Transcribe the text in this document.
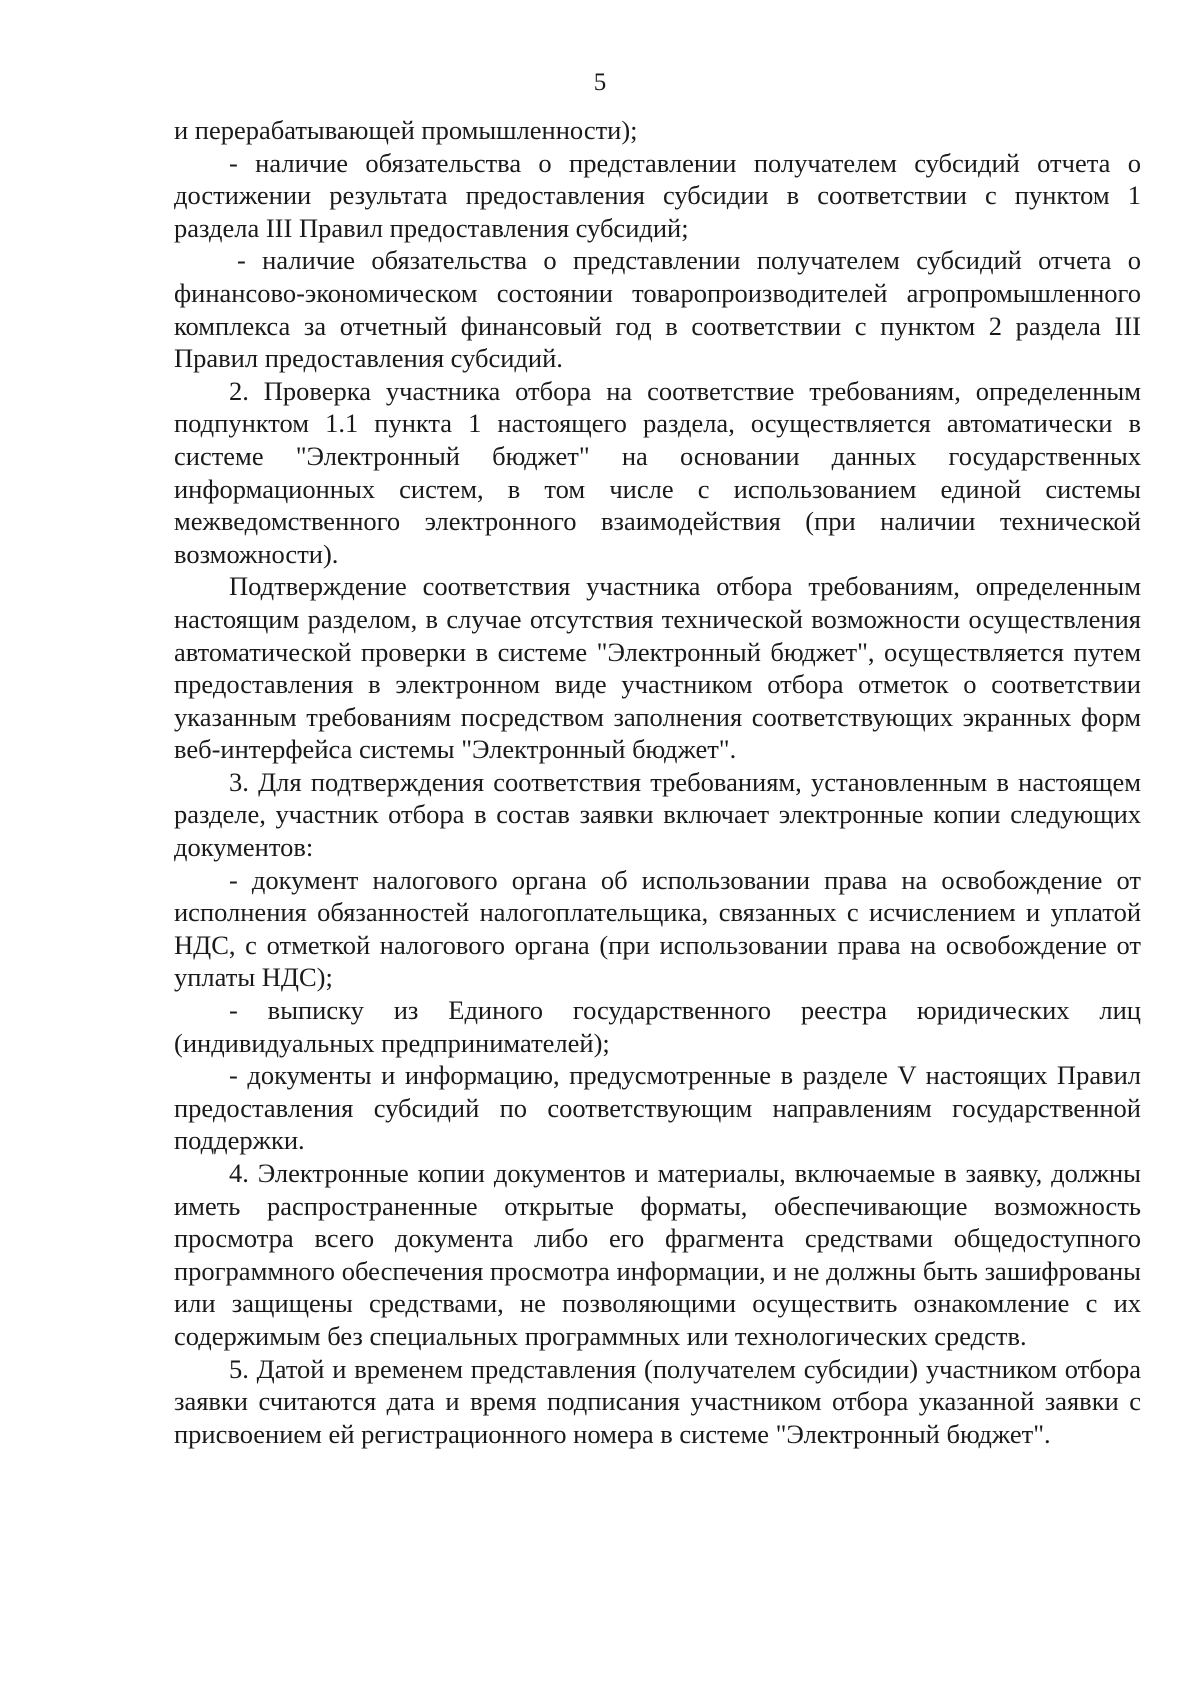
5

и перерабатывающей промышленности);

- наличие обязательства о представлении получателем субсидий отчета о достижении результата предоставления субсидии в соответствии с пунктом 1 раздела III Правил предоставления субсидий;

- наличие обязательства о представлении получателем субсидий отчета о финансово-экономическом состоянии товаропроизводителей агропромышленного комплекса за отчетный финансовый год в соответствии с пунктом 2 раздела III Правил предоставления субсидий.

2. Проверка участника отбора на соответствие требованиям, определенным подпунктом 1.1 пункта 1 настоящего раздела, осуществляется автоматически в системе "Электронный бюджет" на основании данных государственных информационных систем, в том числе с использованием единой системы межведомственного электронного взаимодействия (при наличии технической возможности).

Подтверждение соответствия участника отбора требованиям, определенным настоящим разделом, в случае отсутствия технической возможности осуществления автоматической проверки в системе "Электронный бюджет", осуществляется путем предоставления в электронном виде участником отбора отметок о соответствии указанным требованиям посредством заполнения соответствующих экранных форм веб-интерфейса системы "Электронный бюджет".

3. Для подтверждения соответствия требованиям, установленным в настоящем разделе, участник отбора в состав заявки включает электронные копии следующих документов:

- документ налогового органа об использовании права на освобождение от исполнения обязанностей налогоплательщика, связанных с исчислением и уплатой НДС, с отметкой налогового органа (при использовании права на освобождение от уплаты НДС);

- выписку из Единого государственного реестра юридических лиц (индивидуальных предпринимателей);

- документы и информацию, предусмотренные в разделе V настоящих Правил предоставления субсидий по соответствующим направлениям государственной поддержки.

4. Электронные копии документов и материалы, включаемые в заявку, должны иметь распространенные открытые форматы, обеспечивающие возможность просмотра всего документа либо его фрагмента средствами общедоступного программного обеспечения просмотра информации, и не должны быть зашифрованы или защищены средствами, не позволяющими осуществить ознакомление с их содержимым без специальных программных или технологических средств.

5. Датой и временем представления (получателем субсидии) участником отбора заявки считаются дата и время подписания участником отбора указанной заявки с присвоением ей регистрационного номера в системе "Электронный бюджет".
